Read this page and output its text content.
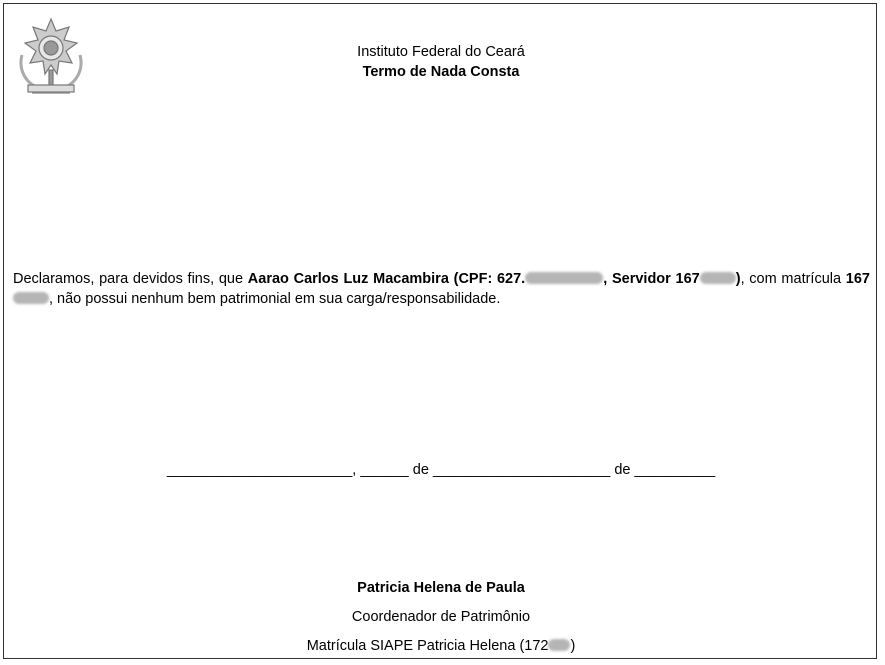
Instituto Federal do Ceará
Termo de Nada Consta
Declaramos, para devidos fins, que Aarao Carlos Luz Macambira (CPF: 627.	, Servidor 167 ), com matrícula 167, não possui nenhum bem patrimonial em sua carga/responsabilidade.
_______________________, ______ de ______________________ de __________
Patricia Helena de Paula
Coordenador de Patrimônio
Matrícula SIAPE Patricia Helena (172 )
